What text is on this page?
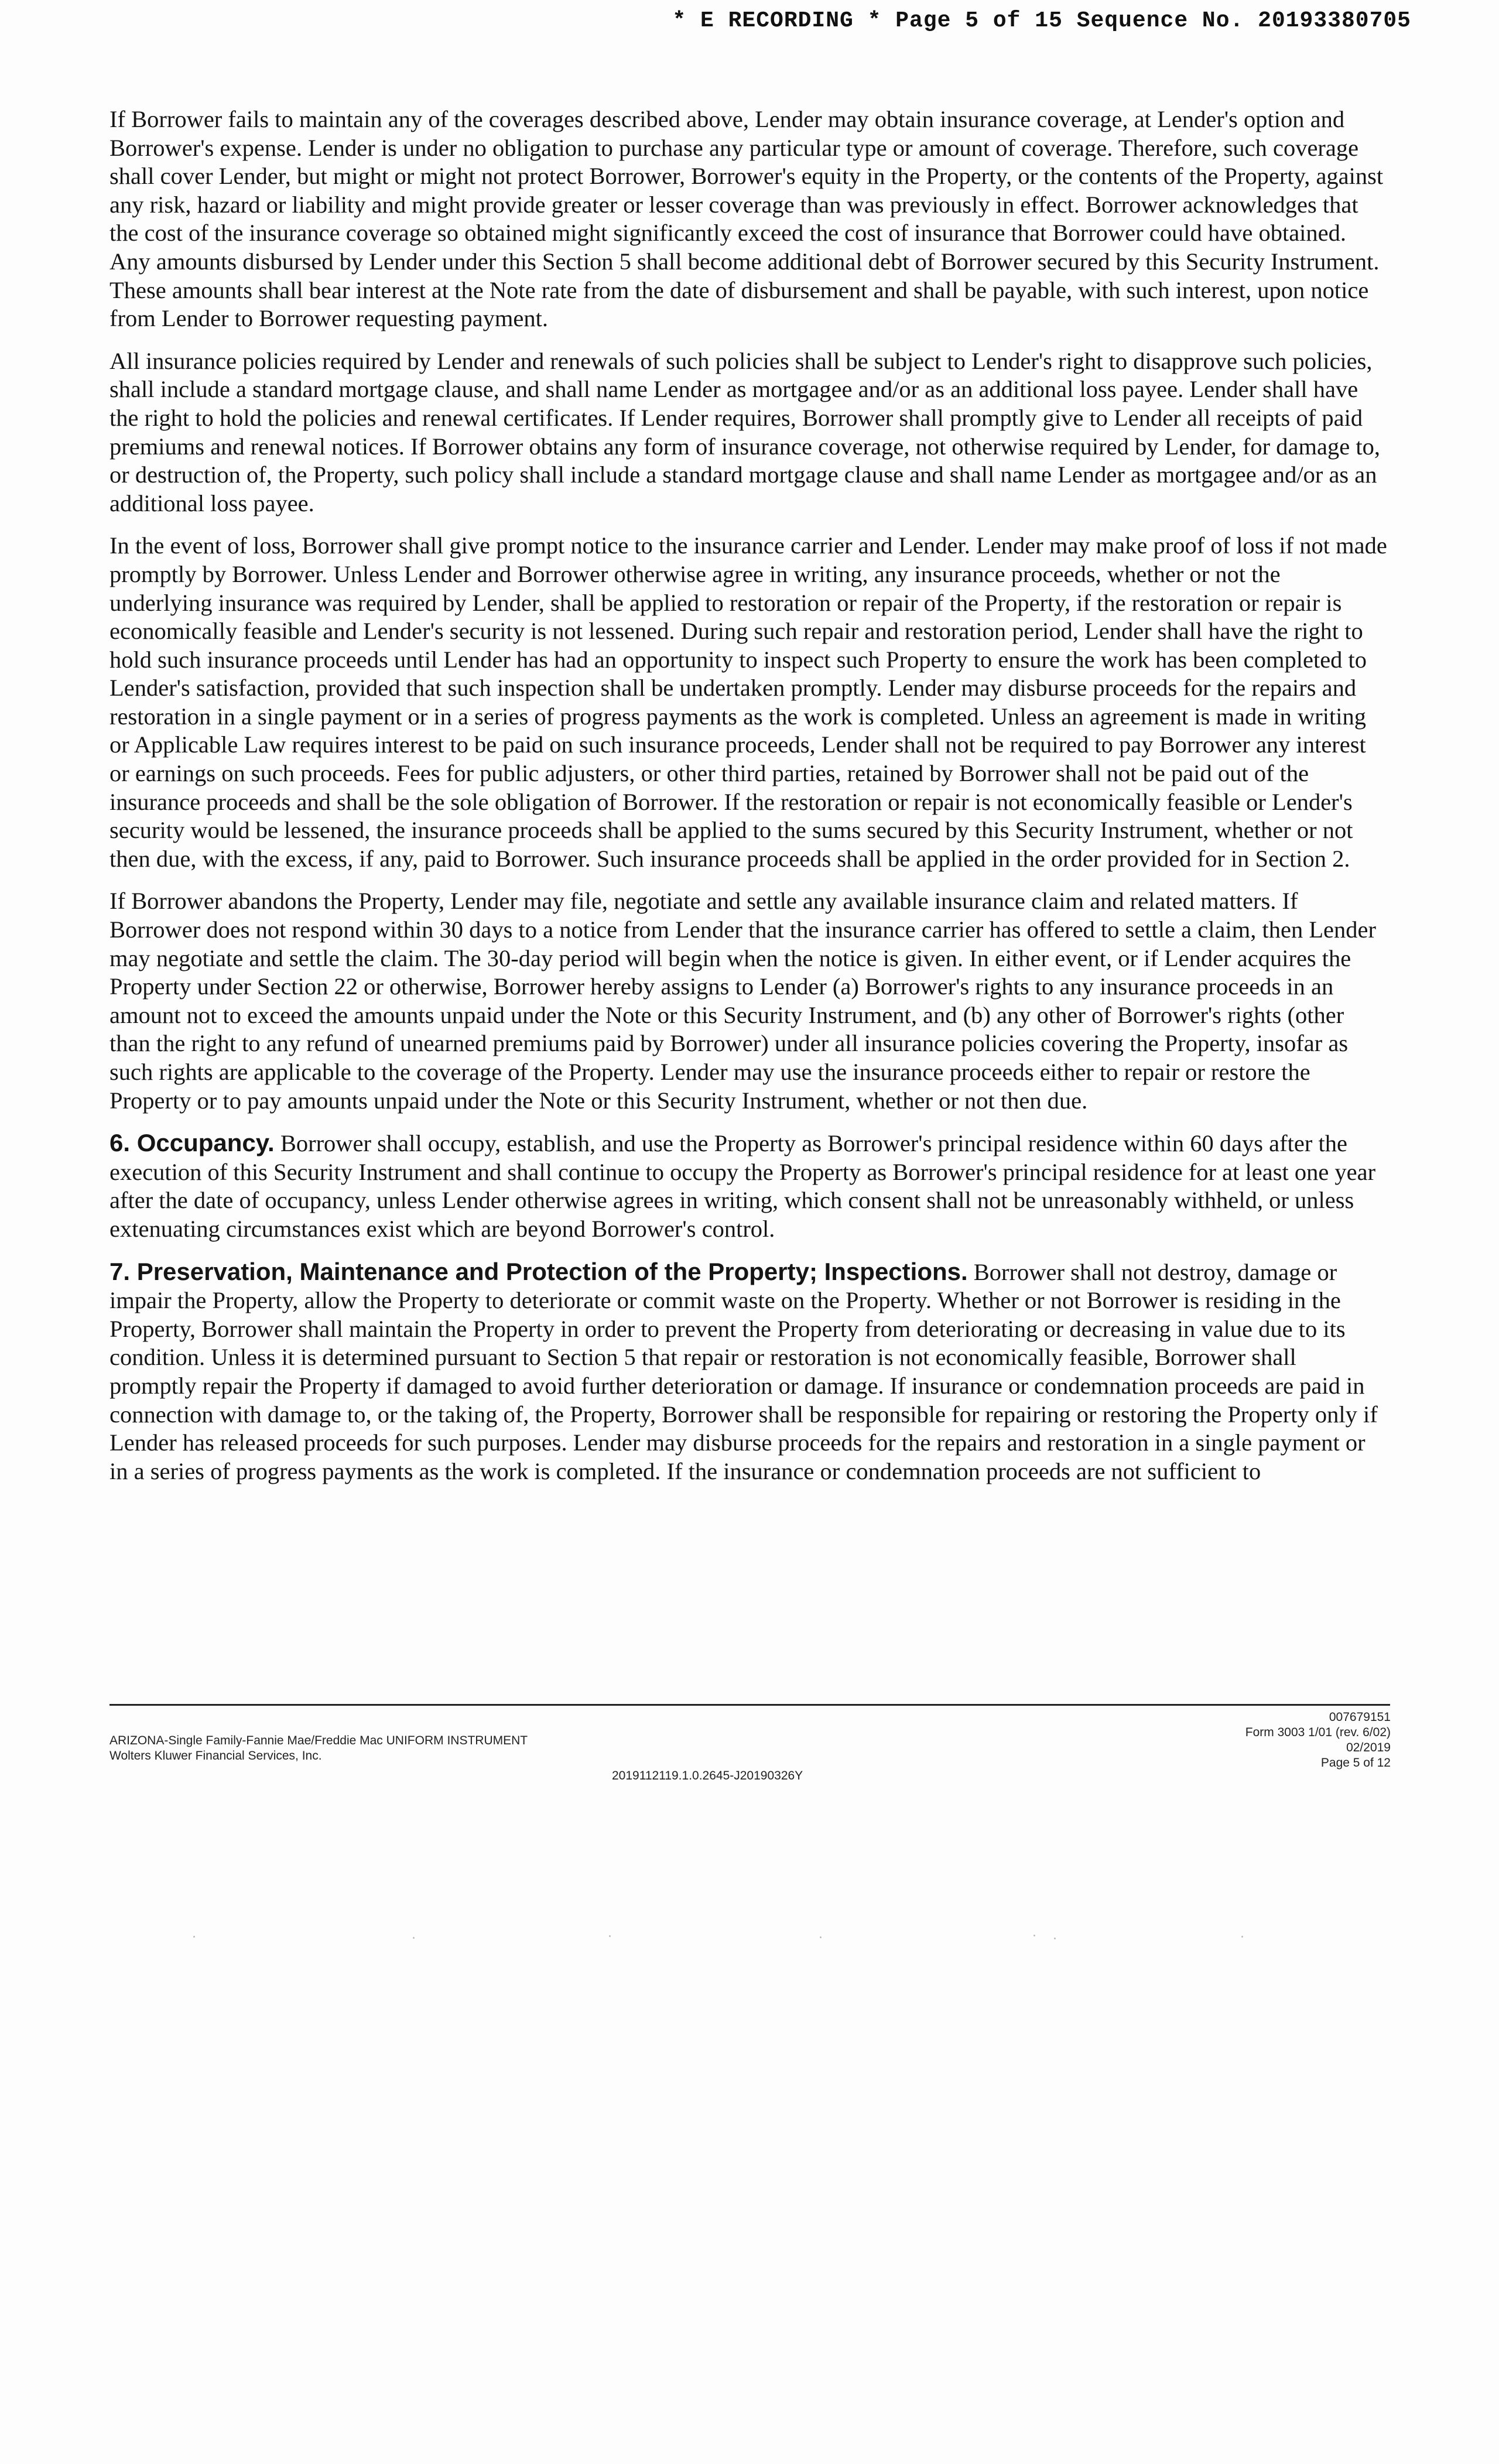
* E RECORDING * Page 5 of 15 Sequence No. 20193380705

If Borrower fails to maintain any of the coverages described above, Lender may obtain insurance coverage, at Lender's option and Borrower's expense. Lender is under no obligation to purchase any particular type or amount of coverage. Therefore, such coverage shall cover Lender, but might or might not protect Borrower, Borrower's equity in the Property, or the contents of the Property, against any risk, hazard or liability and might provide greater or lesser coverage than was previously in effect. Borrower acknowledges that the cost of the insurance coverage so obtained might significantly exceed the cost of insurance that Borrower could have obtained. Any amounts disbursed by Lender under this Section 5 shall become additional debt of Borrower secured by this Security Instrument. These amounts shall bear interest at the Note rate from the date of disbursement and shall be payable, with such interest, upon notice from Lender to Borrower requesting payment.

All insurance policies required by Lender and renewals of such policies shall be subject to Lender's right to disapprove such policies, shall include a standard mortgage clause, and shall name Lender as mortgagee and/or as an additional loss payee. Lender shall have the right to hold the policies and renewal certificates. If Lender requires, Borrower shall promptly give to Lender all receipts of paid premiums and renewal notices. If Borrower obtains any form of insurance coverage, not otherwise required by Lender, for damage to, or destruction of, the Property, such policy shall include a standard mortgage clause and shall name Lender as mortgagee and/or as an additional loss payee.

In the event of loss, Borrower shall give prompt notice to the insurance carrier and Lender. Lender may make proof of loss if not made promptly by Borrower. Unless Lender and Borrower otherwise agree in writing, any insurance proceeds, whether or not the underlying insurance was required by Lender, shall be applied to restoration or repair of the Property, if the restoration or repair is economically feasible and Lender's security is not lessened. During such repair and restoration period, Lender shall have the right to hold such insurance proceeds until Lender has had an opportunity to inspect such Property to ensure the work has been completed to Lender's satisfaction, provided that such inspection shall be undertaken promptly. Lender may disburse proceeds for the repairs and restoration in a single payment or in a series of progress payments as the work is completed. Unless an agreement is made in writing or Applicable Law requires interest to be paid on such insurance proceeds, Lender shall not be required to pay Borrower any interest or earnings on such proceeds. Fees for public adjusters, or other third parties, retained by Borrower shall not be paid out of the insurance proceeds and shall be the sole obligation of Borrower. If the restoration or repair is not economically feasible or Lender's security would be lessened, the insurance proceeds shall be applied to the sums secured by this Security Instrument, whether or not then due, with the excess, if any, paid to Borrower. Such insurance proceeds shall be applied in the order provided for in Section 2.

If Borrower abandons the Property, Lender may file, negotiate and settle any available insurance claim and related matters. If Borrower does not respond within 30 days to a notice from Lender that the insurance carrier has offered to settle a claim, then Lender may negotiate and settle the claim. The 30-day period will begin when the notice is given. In either event, or if Lender acquires the Property under Section 22 or otherwise, Borrower hereby assigns to Lender (a) Borrower's rights to any insurance proceeds in an amount not to exceed the amounts unpaid under the Note or this Security Instrument, and (b) any other of Borrower's rights (other than the right to any refund of unearned premiums paid by Borrower) under all insurance policies covering the Property, insofar as such rights are applicable to the coverage of the Property. Lender may use the insurance proceeds either to repair or restore the Property or to pay amounts unpaid under the Note or this Security Instrument, whether or not then due.

6. Occupancy. Borrower shall occupy, establish, and use the Property as Borrower's principal residence within 60 days after the execution of this Security Instrument and shall continue to occupy the Property as Borrower's principal residence for at least one year after the date of occupancy, unless Lender otherwise agrees in writing, which consent shall not be unreasonably withheld, or unless extenuating circumstances exist which are beyond Borrower's control.

7. Preservation, Maintenance and Protection of the Property; Inspections. Borrower shall not destroy, damage or impair the Property, allow the Property to deteriorate or commit waste on the Property. Whether or not Borrower is residing in the Property, Borrower shall maintain the Property in order to prevent the Property from deteriorating or decreasing in value due to its condition. Unless it is determined pursuant to Section 5 that repair or restoration is not economically feasible, Borrower shall promptly repair the Property if damaged to avoid further deterioration or damage. If insurance or condemnation proceeds are paid in connection with damage to, or the taking of, the Property, Borrower shall be responsible for repairing or restoring the Property only if Lender has released proceeds for such purposes. Lender may disburse proceeds for the repairs and restoration in a single payment or in a series of progress payments as the work is completed. If the insurance or condemnation proceeds are not sufficient to

ARIZONA-Single Family-Fannie Mae/Freddie Mac UNIFORM INSTRUMENT
Wolters Kluwer Financial Services, Inc.
2019112119.1.0.2645-J20190326Y
007679151
Form 3003 1/01 (rev. 6/02)
02/2019
Page 5 of 12
